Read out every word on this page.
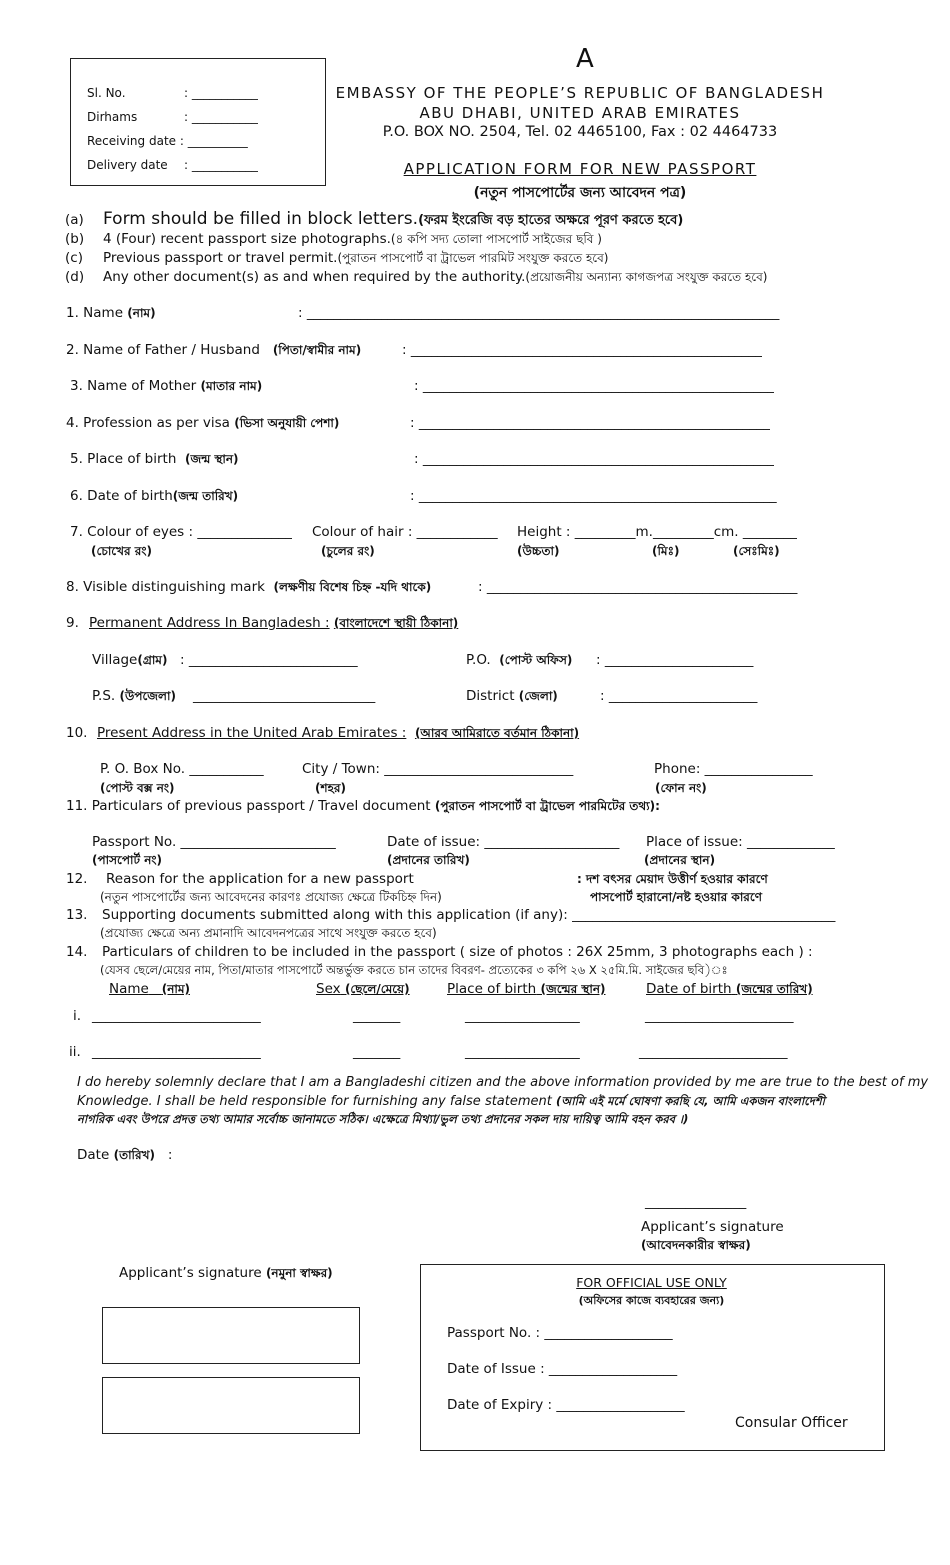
A
Sl. No.	: ___________
Dirhams	: ___________
Receiving date : __________
Delivery date : ___________
EMBASSY OF THE PEOPLE’S REPUBLIC OF BANGLADESH
ABU DHABI, UNITED ARAB EMIRATES
P.O. BOX NO. 2504, Tel. 02 4465100, Fax : 02 4464733
APPLICATION FORM FOR NEW PASSPORT
(নতুন পাসপোর্টের জন্য আবেদন পত্র)
(a) Form should be filled in block letters.(ফরম ইংরেজি বড় হাতের অক্ষরে পূরণ করতে হবে)
(b) 4 (Four) recent passport size photographs.(৪ কপি সদ্য তোলা পাসপোর্ট সাইজের ছবি )
(c) Previous passport or travel permit.(পুরাতন পাসপোর্ট বা ট্রাভেল পারমিট সংযুক্ত করতে হবে)
(d) Any other document(s) as and when required by the authority.(প্রয়োজনীয় অন্যান্য কাগজপত্র সংযুক্ত করতে হবে)
1. Name (নাম)	: ______________________________________________________________________
2. Name of Father / Husband (পিতা/স্বামীর নাম)	: ____________________________________________________
3. Name of Mother (মাতার নাম)	: ____________________________________________________
4. Profession as per visa (ভিসা অনুযায়ী পেশা)	: ____________________________________________________
5. Place of birth (জন্ম স্থান)	: ____________________________________________________
6. Date of birth(জন্ম তারিখ)	: _____________________________________________________
7. Colour of eyes : ______________ Colour of hair : ____________ Height : _________m._________cm. ________
(চোখের রং)	(চুলের রং)	(উচ্চতা)	(মিঃ)	(সেঃমিঃ)
8. Visible distinguishing mark (লক্ষণীয় বিশেষ চিহ্ন -যদি থাকে)	: ______________________________________________
9. Permanent Address In Bangladesh : (বাংলাদেশে স্থায়ী ঠিকানা)
Village(গ্রাম) : _________________________	P.O. (পোস্ট অফিস) : ______________________
P.S. (উপজেলা) ___________________________	District (জেলা)	: ______________________
10. Present Address in the United Arab Emirates : (আরব আমিরাতে বর্তমান ঠিকানা)
P. O. Box No. ___________	City / Town: ____________________________	Phone: ________________
(পোস্ট বক্স নং)	(শহর)	(ফোন নং)
11. Particulars of previous passport / Travel document (পুরাতন পাসপোর্ট বা ট্রাভেল পারমিটের তথ্য):
Passport No. _______________________	Date of issue: ____________________ Place of issue: _____________
(পাসপোর্ট নং)	(প্রদানের তারিখ)	(প্রদানের স্থান)
12. Reason for the application for a new passport
(নতুন পাসপোর্টের জন্য আবেদনের কারণঃ প্রযোজ্য ক্ষেত্রে টিকচিহ্ন দিন)
: দশ বৎসর মেয়াদ উত্তীর্ণ হওয়ার কারণে
পাসপোর্ট হারানো/নষ্ট হওয়ার কারণে
13. Supporting documents submitted along with this application (if any): _______________________________________
(প্রযোজ্য ক্ষেত্রে অন্য প্রমানাদি আবেদনপত্রের সাথে সংযুক্ত করতে হবে)
14. Particulars of children to be included in the passport ( size of photos : 26X 25mm, 3 photographs each ) :
(যেসব ছেলে/মেয়ের নাম, পিতা/মাতার পাসপোর্টে অন্তর্ভুক্ত করতে চান তাদের বিবরণ- প্রত্যেকের ৩ কপি ২৬ X ২৫মি.মি. সাইজের ছবি)ঃ
Name (নাম)	Sex (ছেলে/মেয়ে)	Place of birth (জন্মের স্থান)	Date of birth (জন্মের তারিখ)
i. _________________________	_______	_________________	______________________
ii. _________________________	_______	_________________	______________________
I do hereby solemnly declare that I am a Bangladeshi citizen and the above information provided by me are true to the best of my
Knowledge. I shall be held responsible for furnishing any false statement (আমি এই মর্মে ঘোষণা করছি যে, আমি একজন বাংলাদেশী
নাগরিক এবং উপরে প্রদত্ত তথ্য আমার সর্বোচ্চ জানামতে সঠিক। এক্ষেত্রে মিথ্যা/ভুল তথ্য প্রদানের সকল দায় দায়িত্ব আমি বহন করব ।)
Date (তারিখ) :
_______________
Applicant’s signature
(আবেদনকারীর স্বাক্ষর)
Applicant’s signature (নমুনা স্বাক্ষর)
FOR OFFICIAL USE ONLY
(অফিসের কাজে ব্যবহারের জন্য)
Passport No. : ___________________
Date of Issue : ___________________
Date of Expiry : ___________________
Consular Officer
